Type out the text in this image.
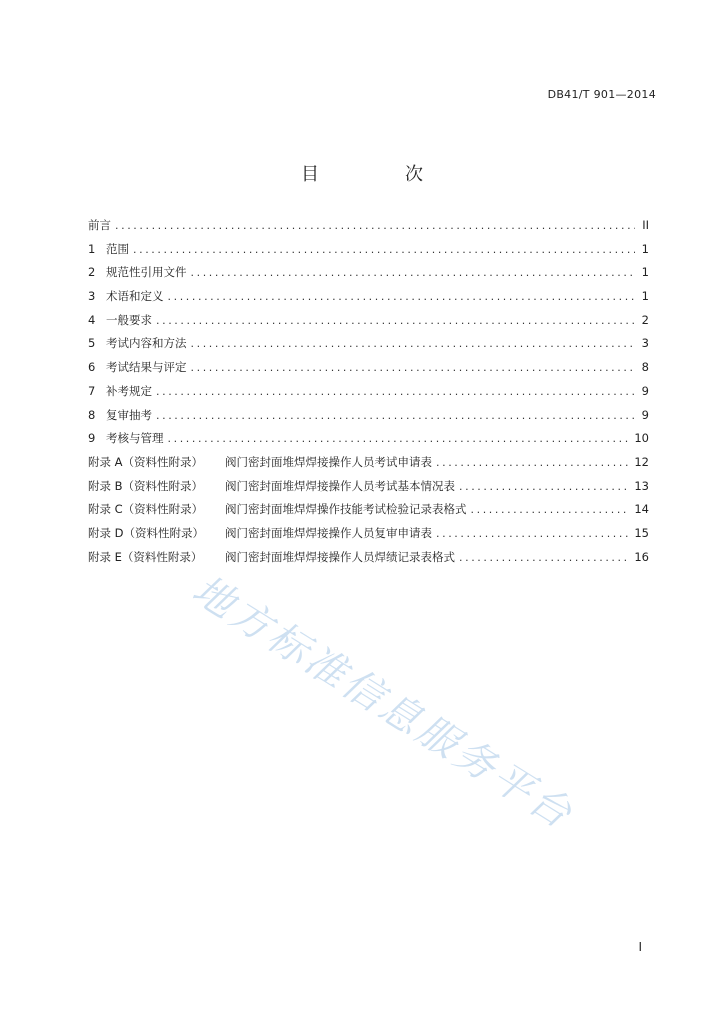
DB41/T 901—2014
目　次
前言 .....	II
1 范围 .....	1
2 规范性引用文件 .....	1
3 术语和定义 .....	1
4 一般要求 .....	2
5 考试内容和方法 .....	3
6 考试结果与评定 .....	8
7 补考规定 .....	9
8 复审抽考 .....	9
9 考核与管理 .....	10
附录 A（资料性附录）	阀门密封面堆焊焊接操作人员考试申请表 .....	12
附录 B（资料性附录）	阀门密封面堆焊焊接操作人员考试基本情况表 .....	13
附录 C（资料性附录）	阀门密封面堆焊焊操作技能考试检验记录表格式 .....	14
附录 D（资料性附录）	阀门密封面堆焊焊接操作人员复审申请表 .....	15
附录 E（资料性附录）	阀门密封面堆焊焊接操作人员焊绩记录表格式 .....	16
地方标准信息服务平台
I
